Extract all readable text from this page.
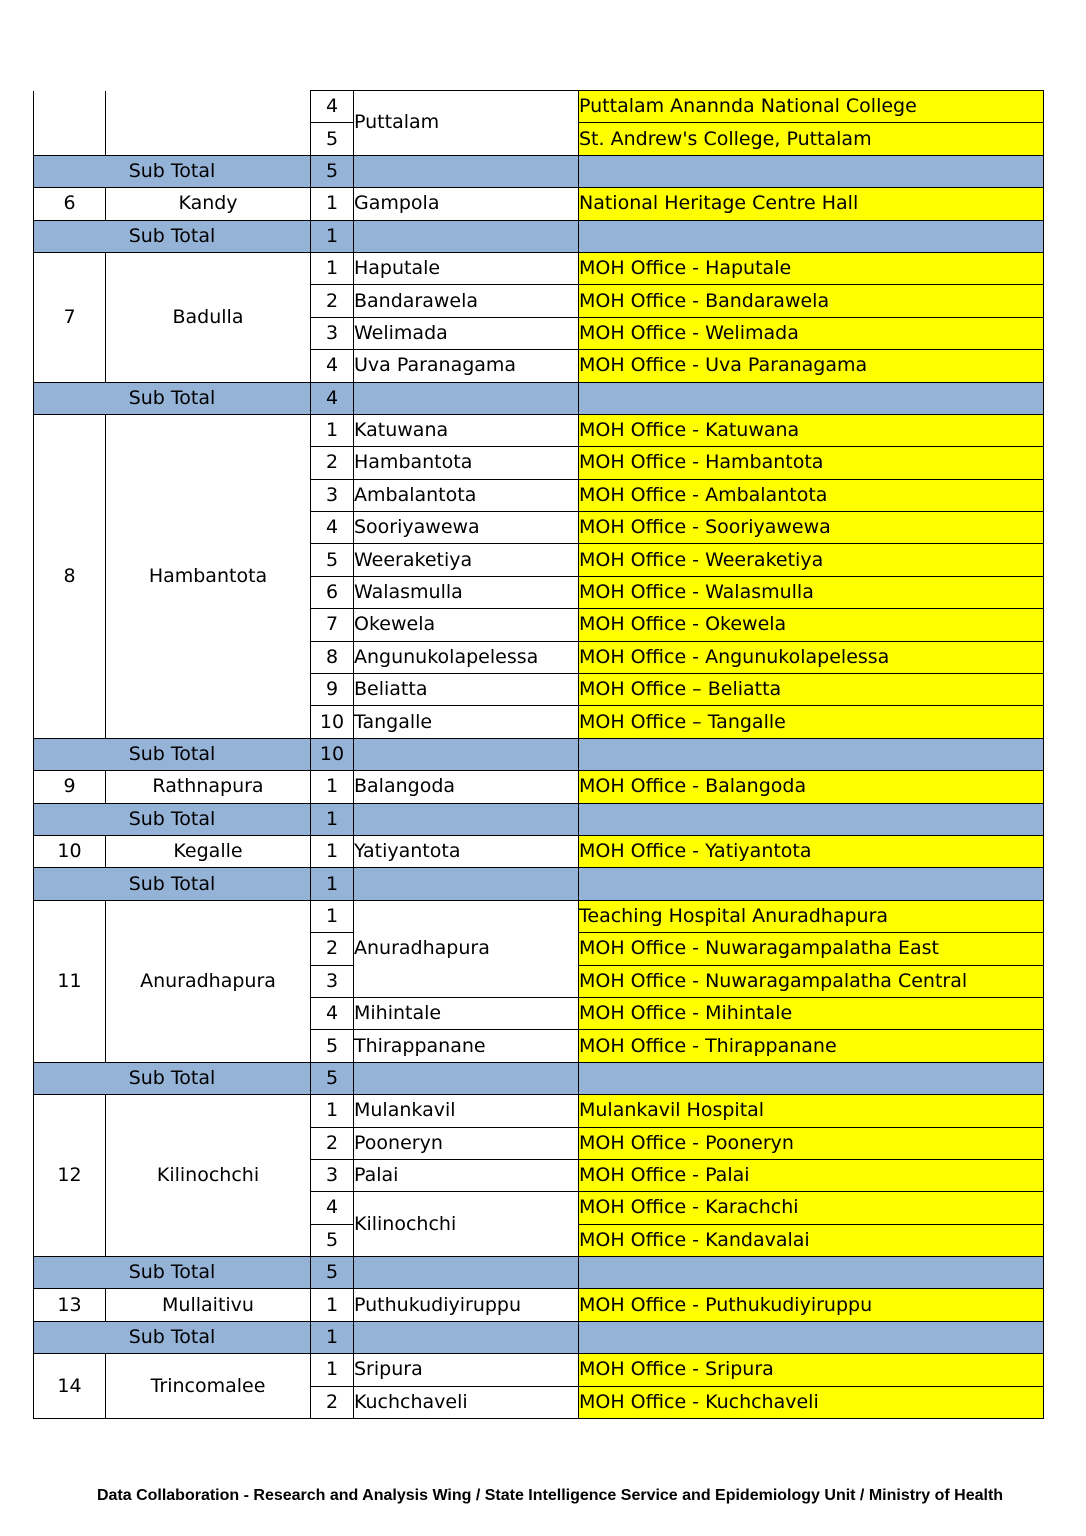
		4	Puttalam	Puttalam Anannda National College
		5		St. Andrew's College, Puttalam
Sub Total		5		
6	Kandy	1	Gampola	National Heritage Centre Hall
Sub Total		1		
7	Badulla	1	Haputale	MOH Office - Haputale
		2	Bandarawela	MOH Office - Bandarawela
		3	Welimada	MOH Office - Welimada
		4	Uva Paranagama	MOH Office - Uva Paranagama
Sub Total		4		
8	Hambantota	1	Katuwana	MOH Office - Katuwana
		2	Hambantota	MOH Office - Hambantota
		3	Ambalantota	MOH Office - Ambalantota
		4	Sooriyawewa	MOH Office - Sooriyawewa
		5	Weeraketiya	MOH Office - Weeraketiya
		6	Walasmulla	MOH Office - Walasmulla
		7	Okewela	MOH Office - Okewela
		8	Angunukolapelessa	MOH Office - Angunukolapelessa
		9	Beliatta	MOH Office – Beliatta
		10	Tangalle	MOH Office – Tangalle
Sub Total		10		
9	Rathnapura	1	Balangoda	MOH Office - Balangoda
Sub Total		1		
10	Kegalle	1	Yatiyantota	MOH Office - Yatiyantota
Sub Total		1		
11	Anuradhapura	1	Anuradhapura	Teaching Hospital Anuradhapura
		2		MOH Office - Nuwaragampalatha East
		3		MOH Office - Nuwaragampalatha Central
		4	Mihintale	MOH Office - Mihintale
		5	Thirappanane	MOH Office - Thirappanane
Sub Total		5		
12	Kilinochchi	1	Mulankavil	Mulankavil Hospital
		2	Pooneryn	MOH Office - Pooneryn
		3	Palai	MOH Office - Palai
		4	Kilinochchi	MOH Office - Karachchi
		5		MOH Office - Kandavalai
Sub Total		5		
13	Mullaitivu	1	Puthukudiyiruppu	MOH Office - Puthukudiyiruppu
Sub Total		1		
14	Trincomalee	1	Sripura	MOH Office - Sripura
		2	Kuchchaveli	MOH Office - Kuchchaveli
Data Collaboration - Research and Analysis Wing / State Intelligence Service and Epidemiology Unit / Ministry of Health
